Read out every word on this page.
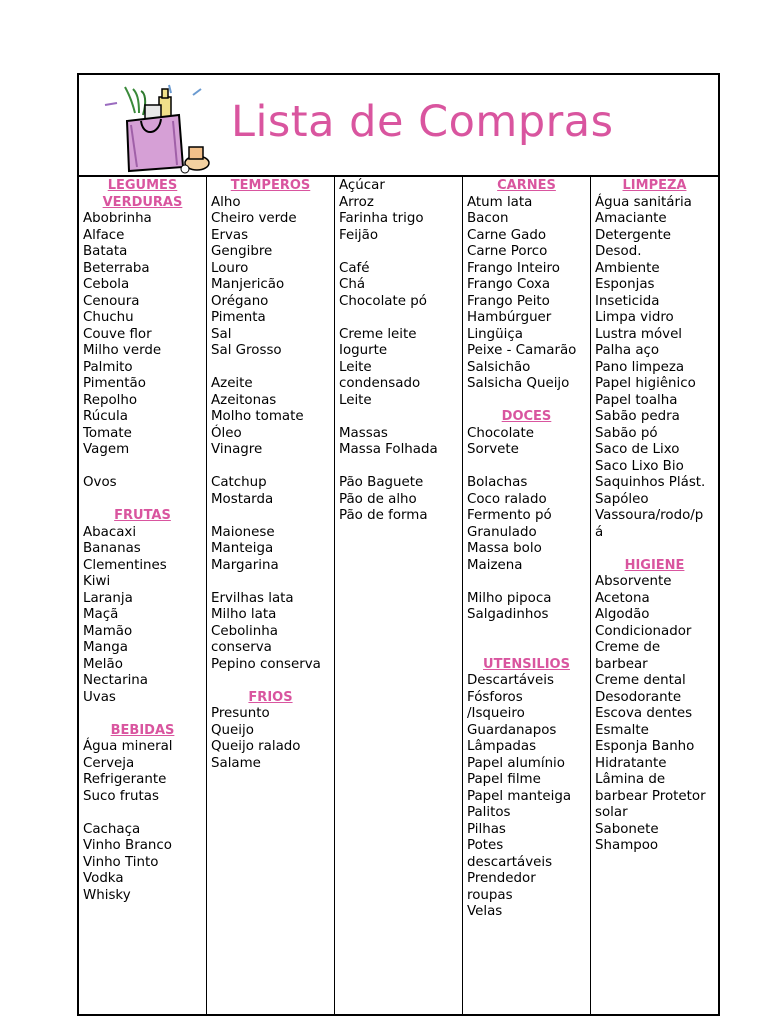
Lista de Compras
LEGUMES
VERDURAS
Abobrinha
Alface
Batata
Beterraba
Cebola
Cenoura
Chuchu
Couve flor
Milho verde
Palmito
Pimentão
Repolho
Rúcula
Tomate
Vagem
Ovos
FRUTAS
Abacaxi
Bananas
Clementines
Kiwi
Laranja
Maçã
Mamão
Manga
Melão
Nectarina
Uvas
BEBIDAS
Água mineral
Cerveja
Refrigerante
Suco frutas
Cachaça
Vinho Branco
Vinho Tinto
Vodka
Whisky
TEMPEROS
Alho
Cheiro verde
Ervas
Gengibre
Louro
Manjericão
Orégano
Pimenta
Sal
Sal Grosso
Azeite
Azeitonas
Molho tomate
Óleo
Vinagre
Catchup
Mostarda
Maionese
Manteiga
Margarina
Ervilhas lata
Milho lata
Cebolinha
conserva
Pepino conserva
FRIOS
Presunto
Queijo
Queijo ralado
Salame
Açúcar
Arroz
Farinha trigo
Feijão
Café
Chá
Chocolate pó
Creme leite
Iogurte
Leite
condensado
Leite
Massas
Massa Folhada
Pão Baguete
Pão de alho
Pão de forma
CARNES
Atum lata
Bacon
Carne Gado
Carne Porco
Frango Inteiro
Frango Coxa
Frango Peito
Hambúrguer
Lingüiça
Peixe - Camarão
Salsichão
Salsicha Queijo
DOCES
Chocolate
Sorvete
Bolachas
Coco ralado
Fermento pó
Granulado
Massa bolo
Maizena
Milho pipoca
Salgadinhos
UTENSILIOS
Descartáveis
Fósforos
/Isqueiro
Guardanapos
Lâmpadas
Papel alumínio
Papel filme
Papel manteiga
Palitos
Pilhas
Potes
descartáveis
Prendedor
roupas
Velas
LIMPEZA
Água sanitária
Amaciante
Detergente
Desod.
Ambiente
Esponjas
Inseticida
Limpa vidro
Lustra móvel
Palha aço
Pano limpeza
Papel higiênico
Papel toalha
Sabão pedra
Sabão pó
Saco de Lixo
Saco Lixo Bio
Saquinhos Plást.
Sapóleo
Vassoura/rodo/p
á
HIGIENE
Absorvente
Acetona
Algodão
Condicionador
Creme de
barbear
Creme dental
Desodorante
Escova dentes
Esmalte
Esponja Banho
Hidratante
Lâmina de
barbear Protetor
solar
Sabonete
Shampoo
